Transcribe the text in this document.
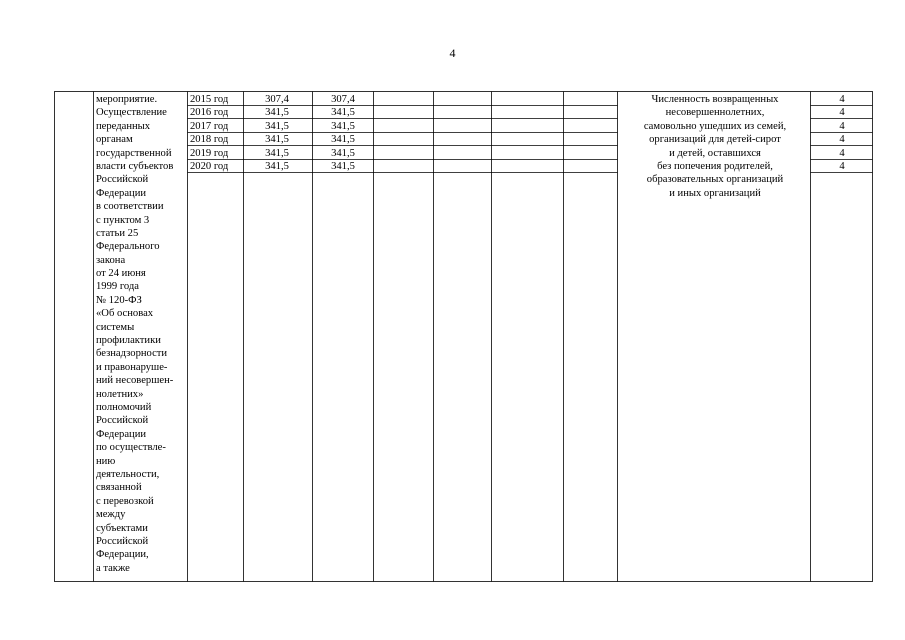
4
мероприятие.
Осуществление
переданных
органам
государственной
власти субъектов
Российской
Федерации
в соответствии
с пунктом 3
статьи 25
Федерального
закона
от 24 июня
1999 года
№ 120-ФЗ
«Об основах
системы
профилактики
безнадзорности
и правонаруше-
ний несовершен-
нолетних»
полномочий
Российской
Федерации
по осуществле-
нию
деятельности,
связанной
с перевозкой
между
субъектами
Российской
Федерации,
а также
2015 год
2016 год
2017 год
2018 год
2019 год
2020 год
307,4
341,5
341,5
341,5
341,5
341,5
307,4
341,5
341,5
341,5
341,5
341,5
Численность возвращенных
несовершеннолетних,
самовольно ушедших из семей,
организаций для детей-сирот
и детей, оставшихся
без попечения родителей,
образовательных организаций
и иных организаций
4
4
4
4
4
4
